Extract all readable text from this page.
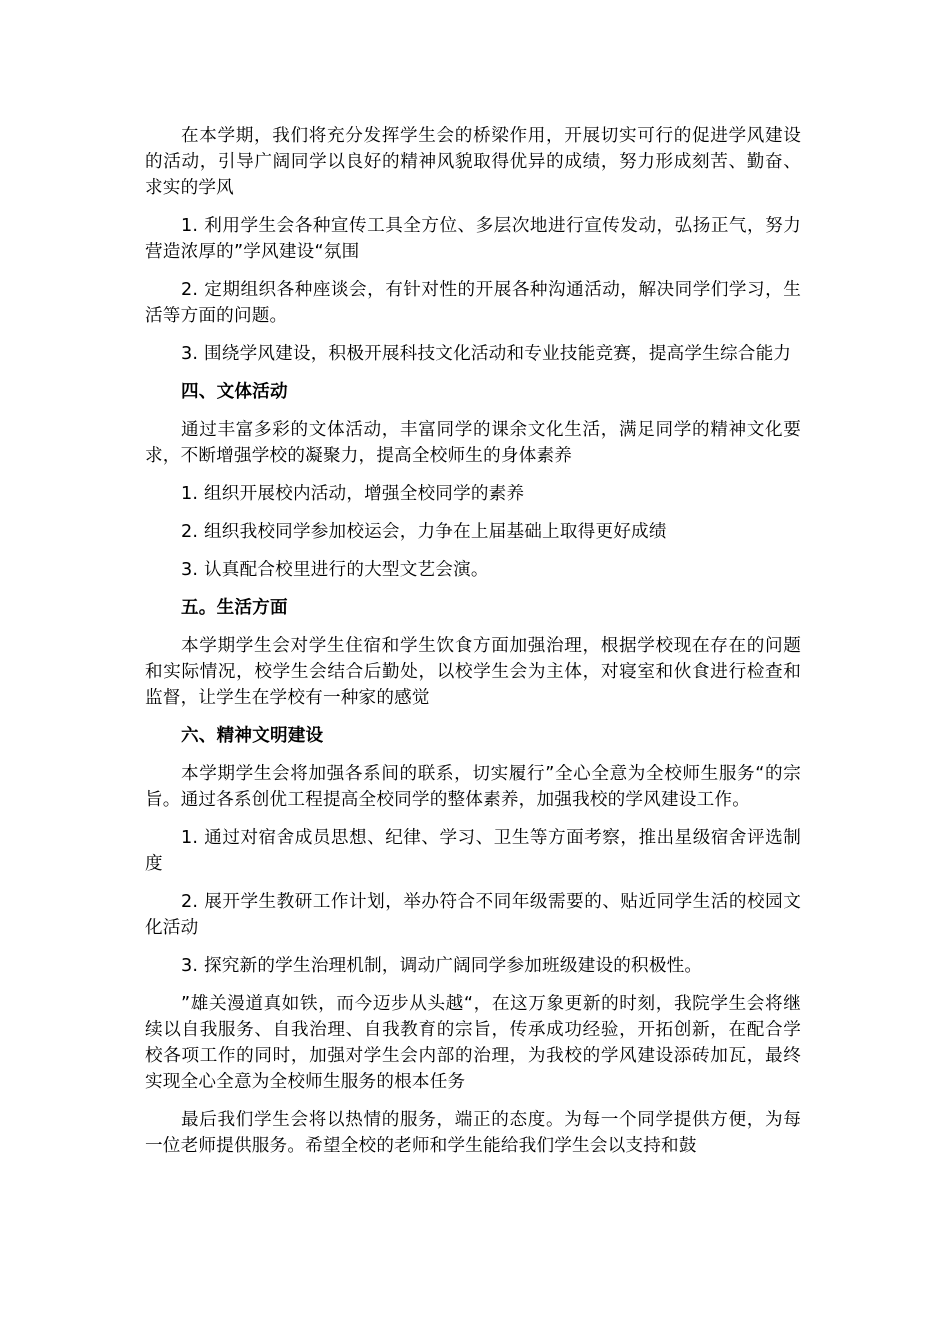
在本学期，我们将充分发挥学生会的桥梁作用，开展切实可行的促进学风建设的活动，引导广阔同学以良好的精神风貌取得优异的成绩，努力形成刻苦、勤奋、求实的学风

1. 利用学生会各种宣传工具全方位、多层次地进行宣传发动，弘扬正气，努力营造浓厚的”学风建设“氛围

2. 定期组织各种座谈会，有针对性的开展各种沟通活动，解决同学们学习，生活等方面的问题。

3. 围绕学风建设，积极开展科技文化活动和专业技能竞赛，提高学生综合能力

四、文体活动

通过丰富多彩的文体活动，丰富同学的课余文化生活，满足同学的精神文化要求，不断增强学校的凝聚力，提高全校师生的身体素养

1. 组织开展校内活动，增强全校同学的素养

2. 组织我校同学参加校运会，力争在上届基础上取得更好成绩

3. 认真配合校里进行的大型文艺会演。

五。生活方面

本学期学生会对学生住宿和学生饮食方面加强治理，根据学校现在存在的问题和实际情况，校学生会结合后勤处，以校学生会为主体，对寝室和伙食进行检查和监督，让学生在学校有一种家的感觉

六、精神文明建设

本学期学生会将加强各系间的联系，切实履行”全心全意为全校师生服务“的宗旨。通过各系创优工程提高全校同学的整体素养，加强我校的学风建设工作。

1. 通过对宿舍成员思想、纪律、学习、卫生等方面考察，推出星级宿舍评选制度

2. 展开学生教研工作计划，举办符合不同年级需要的、贴近同学生活的校园文化活动

3. 探究新的学生治理机制，调动广阔同学参加班级建设的积极性。

”雄关漫道真如铁，而今迈步从头越“，在这万象更新的时刻，我院学生会将继续以自我服务、自我治理、自我教育的宗旨，传承成功经验，开拓创新，在配合学校各项工作的同时，加强对学生会内部的治理，为我校的学风建设添砖加瓦，最终实现全心全意为全校师生服务的根本任务

最后我们学生会将以热情的服务，端正的态度。为每一个同学提供方便，为每一位老师提供服务。希望全校的老师和学生能给我们学生会以支持和鼓
